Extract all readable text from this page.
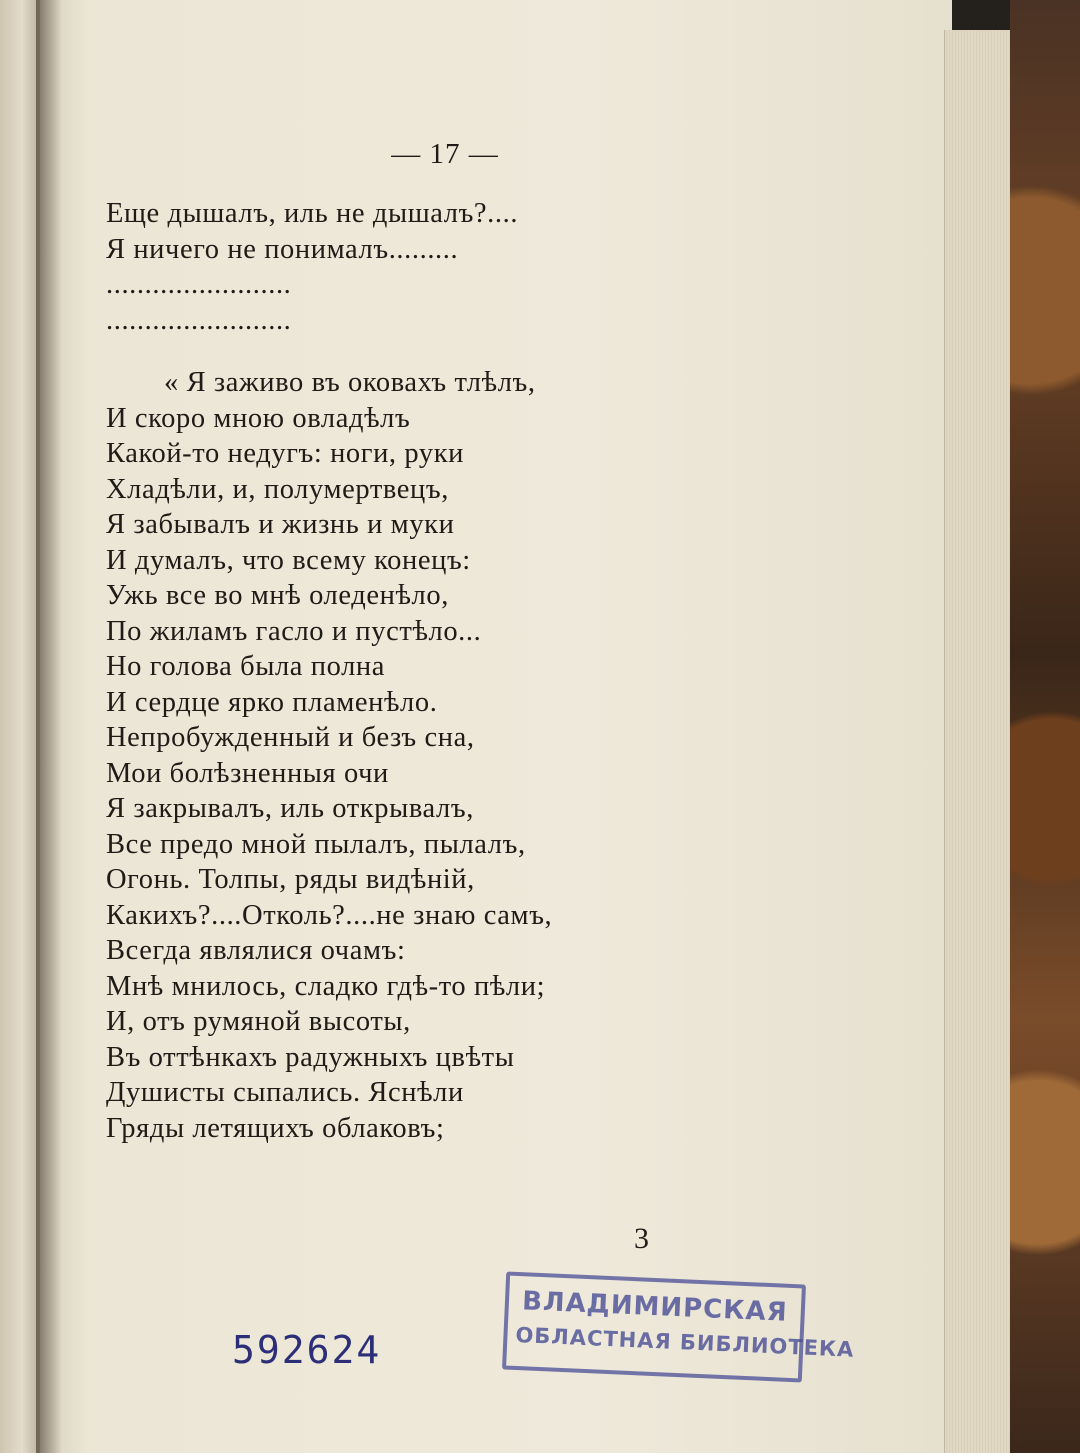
— 17 —
Еще дышалъ, иль не дышалъ?....
Я ничего не понималъ.........
........................
........................
« Я заживо въ оковахъ тлѣлъ,
И скоро мною овладѣлъ
Какой-то недугъ: ноги, руки
Хладѣли, и, полумертвецъ,
Я забывалъ и жизнь и муки
И думалъ, что всему конецъ:
Ужь все во мнѣ оледенѣло,
По жиламъ гасло и пустѣло...
Но голова была полна
И сердце ярко пламенѣло.
Непробужденный и безъ сна,
Мои болѣзненныя очи
Я закрывалъ, иль открывалъ,
Все предо мной пылалъ, пылалъ,
Огонь. Толпы, ряды видѣній,
Какихъ?....Отколь?....не знаю самъ,
Всегда являлися очамъ:
Мнѣ мнилось, сладко гдѣ-то пѣли;
И, отъ румяной высоты,
Въ оттѣнкахъ радужныхъ цвѣты
Душисты сыпались. Яснѣли
Гряды летящихъ облаковъ;
3
592624
ВЛАДИМИРСКАЯ
ОБЛАСТНАЯ БИБЛИОТЕКА
